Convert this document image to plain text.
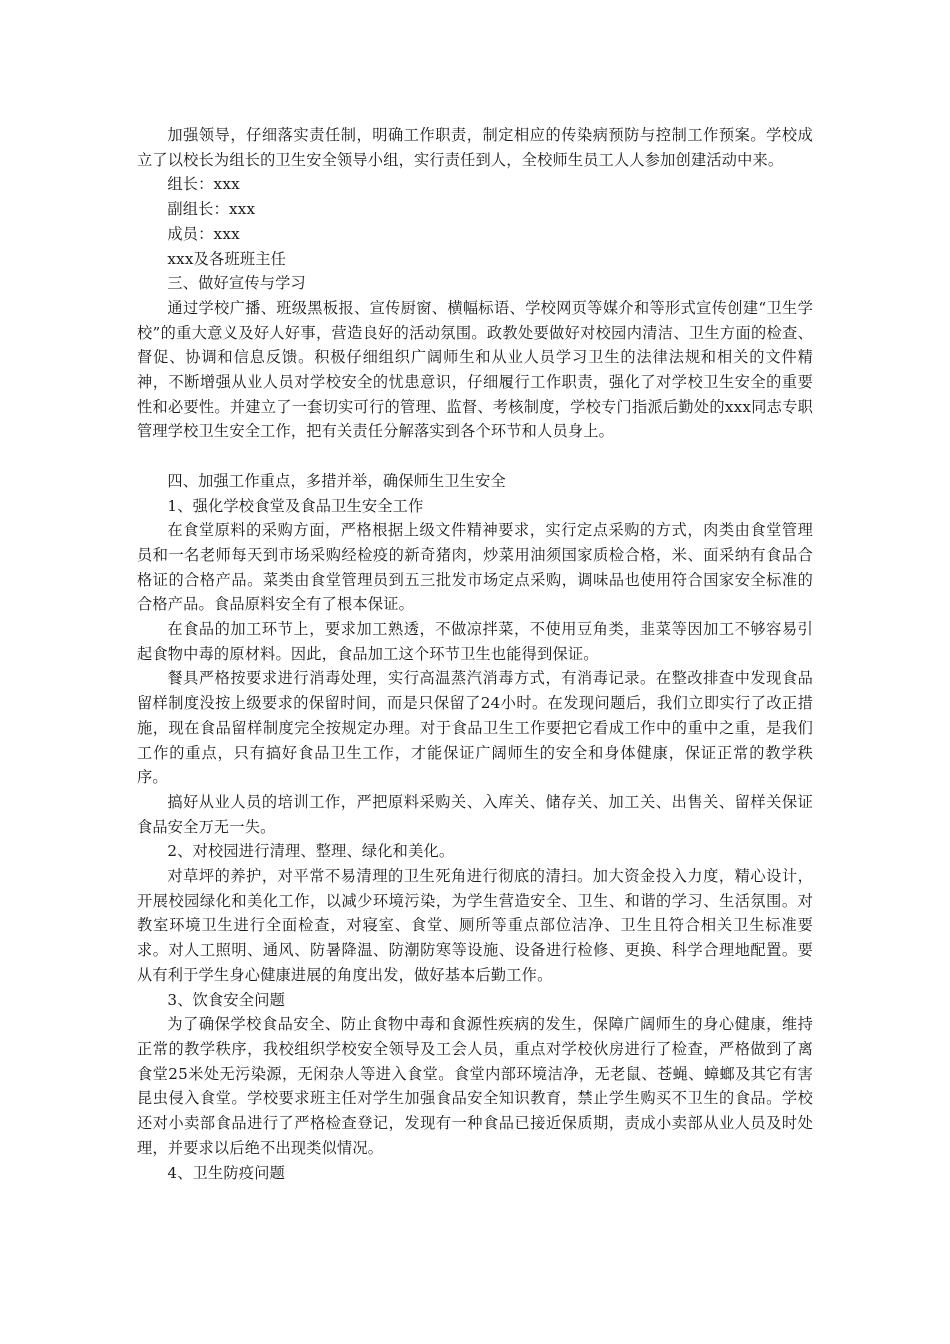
加强领导，仔细落实责任制，明确工作职责，制定相应的传染病预防与控制工作预案。学校成立了以校长为组长的卫生安全领导小组，实行责任到人，全校师生员工人人参加创建活动中来。

组长：xxx

副组长：xxx

成员：xxx

xxx及各班班主任

三、做好宣传与学习

通过学校广播、班级黑板报、宣传厨窗、横幅标语、学校网页等媒介和等形式宣传创建“卫生学校”的重大意义及好人好事，营造良好的活动氛围。政教处要做好对校园内清洁、卫生方面的检查、督促、协调和信息反馈。积极仔细组织广阔师生和从业人员学习卫生的法律法规和相关的文件精神，不断增强从业人员对学校安全的忧患意识，仔细履行工作职责，强化了对学校卫生安全的重要性和必要性。并建立了一套切实可行的管理、监督、考核制度，学校专门指派后勤处的xxx同志专职管理学校卫生安全工作，把有关责任分解落实到各个环节和人员身上。

四、加强工作重点，多措并举，确保师生卫生安全

1、强化学校食堂及食品卫生安全工作

在食堂原料的采购方面，严格根据上级文件精神要求，实行定点采购的方式，肉类由食堂管理员和一名老师每天到市场采购经检疫的新奇猪肉，炒菜用油须国家质检合格，米、面采纳有食品合格证的合格产品。菜类由食堂管理员到五三批发市场定点采购，调味品也使用符合国家安全标准的合格产品。食品原料安全有了根本保证。

在食品的加工环节上，要求加工熟透，不做凉拌菜，不使用豆角类，韭菜等因加工不够容易引起食物中毒的原材料。因此，食品加工这个环节卫生也能得到保证。

餐具严格按要求进行消毒处理，实行高温蒸汽消毒方式，有消毒记录。在整改排查中发现食品留样制度没按上级要求的保留时间，而是只保留了24小时。在发现问题后，我们立即实行了改正措施，现在食品留样制度完全按规定办理。对于食品卫生工作要把它看成工作中的重中之重，是我们工作的重点，只有搞好食品卫生工作，才能保证广阔师生的安全和身体健康，保证正常的教学秩序。

搞好从业人员的培训工作，严把原料采购关、入库关、储存关、加工关、出售关、留样关保证食品安全万无一失。

2、对校园进行清理、整理、绿化和美化。

对草坪的养护，对平常不易清理的卫生死角进行彻底的清扫。加大资金投入力度，精心设计，开展校园绿化和美化工作，以减少环境污染，为学生营造安全、卫生、和谐的学习、生活氛围。对教室环境卫生进行全面检查，对寝室、食堂、厕所等重点部位洁净、卫生且符合相关卫生标准要求。对人工照明、通风、防暑降温、防潮防寒等设施、设备进行检修、更换、科学合理地配置。要从有利于学生身心健康进展的角度出发，做好基本后勤工作。

3、饮食安全问题

为了确保学校食品安全、防止食物中毒和食源性疾病的发生，保障广阔师生的身心健康，维持正常的教学秩序，我校组织学校安全领导及工会人员，重点对学校伙房进行了检查，严格做到了离食堂25米处无污染源，无闲杂人等进入食堂。食堂内部环境洁净，无老鼠、苍蝇、蟑螂及其它有害昆虫侵入食堂。学校要求班主任对学生加强食品安全知识教育，禁止学生购买不卫生的食品。学校还对小卖部食品进行了严格检查登记，发现有一种食品已接近保质期，责成小卖部从业人员及时处理，并要求以后绝不出现类似情况。

4、卫生防疫问题
